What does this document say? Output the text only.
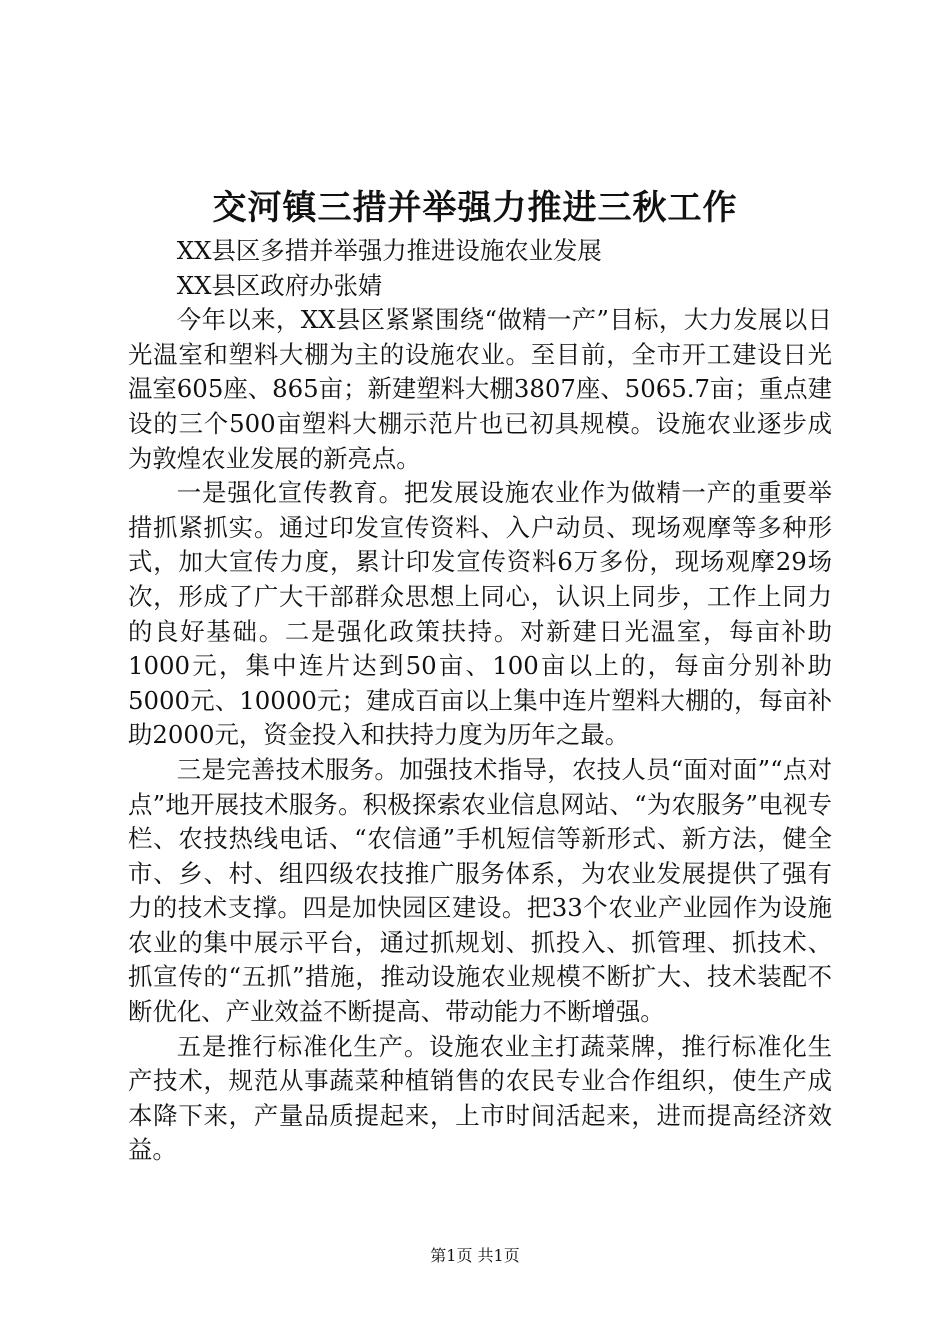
交河镇三措并举强力推进三秋工作

XX县区多措并举强力推进设施农业发展

XX县区政府办张婧

今年以来，XX县区紧紧围绕“做精一产”目标，大力发展以日光温室和塑料大棚为主的设施农业。至目前，全市开工建设日光温室605座、865亩；新建塑料大棚3807座、5065.7亩；重点建设的三个500亩塑料大棚示范片也已初具规模。设施农业逐步成为敦煌农业发展的新亮点。

一是强化宣传教育。把发展设施农业作为做精一产的重要举措抓紧抓实。通过印发宣传资料、入户动员、现场观摩等多种形式，加大宣传力度，累计印发宣传资料6万多份，现场观摩29场次，形成了广大干部群众思想上同心，认识上同步，工作上同力的良好基础。二是强化政策扶持。对新建日光温室，每亩补助1000元，集中连片达到50亩、100亩以上的，每亩分别补助5000元、10000元；建成百亩以上集中连片塑料大棚的，每亩补助2000元，资金投入和扶持力度为历年之最。

三是完善技术服务。加强技术指导，农技人员“面对面”“点对点”地开展技术服务。积极探索农业信息网站、“为农服务”电视专栏、农技热线电话、“农信通”手机短信等新形式、新方法，健全市、乡、村、组四级农技推广服务体系，为农业发展提供了强有力的技术支撑。四是加快园区建设。把33个农业产业园作为设施农业的集中展示平台，通过抓规划、抓投入、抓管理、抓技术、抓宣传的“五抓”措施，推动设施农业规模不断扩大、技术装配不断优化、产业效益不断提高、带动能力不断增强。

五是推行标准化生产。设施农业主打蔬菜牌，推行标准化生产技术，规范从事蔬菜种植销售的农民专业合作组织，使生产成本降下来，产量品质提起来，上市时间活起来，进而提高经济效益。

第1页 共1页
